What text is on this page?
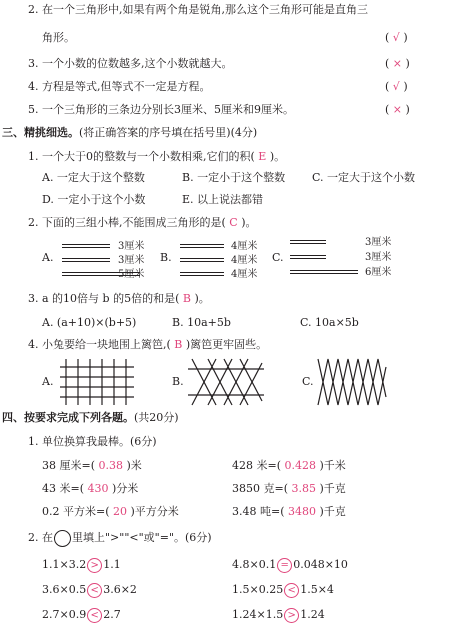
2. 在一个三角形中,如果有两个角是锐角,那么这个三角形可能是直角三
角形。	( √ )
3. 一个小数的位数越多,这个小数就越大。	( × )
4. 方程是等式,但等式不一定是方程。	( √ )
5. 一个三角形的三条边分别长3厘米、5厘米和9厘米。	( × )
三、精挑细选。(将正确答案的序号填在括号里)(4分)
1. 一个大于0的整数与一个小数相乘,它们的积( E )。
A. 一定大于这个整数	B. 一定小于这个整数 C. 一定大于这个小数
D. 一定小于这个小数	E. 以上说法都错
2. 下面的三组小棒,不能围成三角形的是( C )。
A.
3厘米
3厘米
5厘米
B.
4厘米
4厘米
4厘米
C.
3厘米
3厘米
6厘米
3. a 的10倍与 b 的5倍的和是( B )。
A. (a+10)×(b+5)	B. 10a+5b	C. 10a×5b
4. 小兔要给一块地围上篱笆,( B )篱笆更牢固些。
A.	B.	C.
四、按要求完成下列各题。(共20分)
1. 单位换算我最棒。(6分)
38 厘米=( 0.38 )米	428 米=( 0.428 )千米
43 米=( 430 )分米	3850 克=( 3.85 )千克
0.2 平方米=( 20 )平方分米	3.48 吨=( 3480 )千克
2. 在 里填上">""<"或"="。(6分)
1.1×3.2 > 1.1	4.8×0.1 = 0.048×10
3.6×0.5 < 3.6×2	1.5×0.25 < 1.5×4
2.7×0.9 < 2.7	1.24×1.5 > 1.24
